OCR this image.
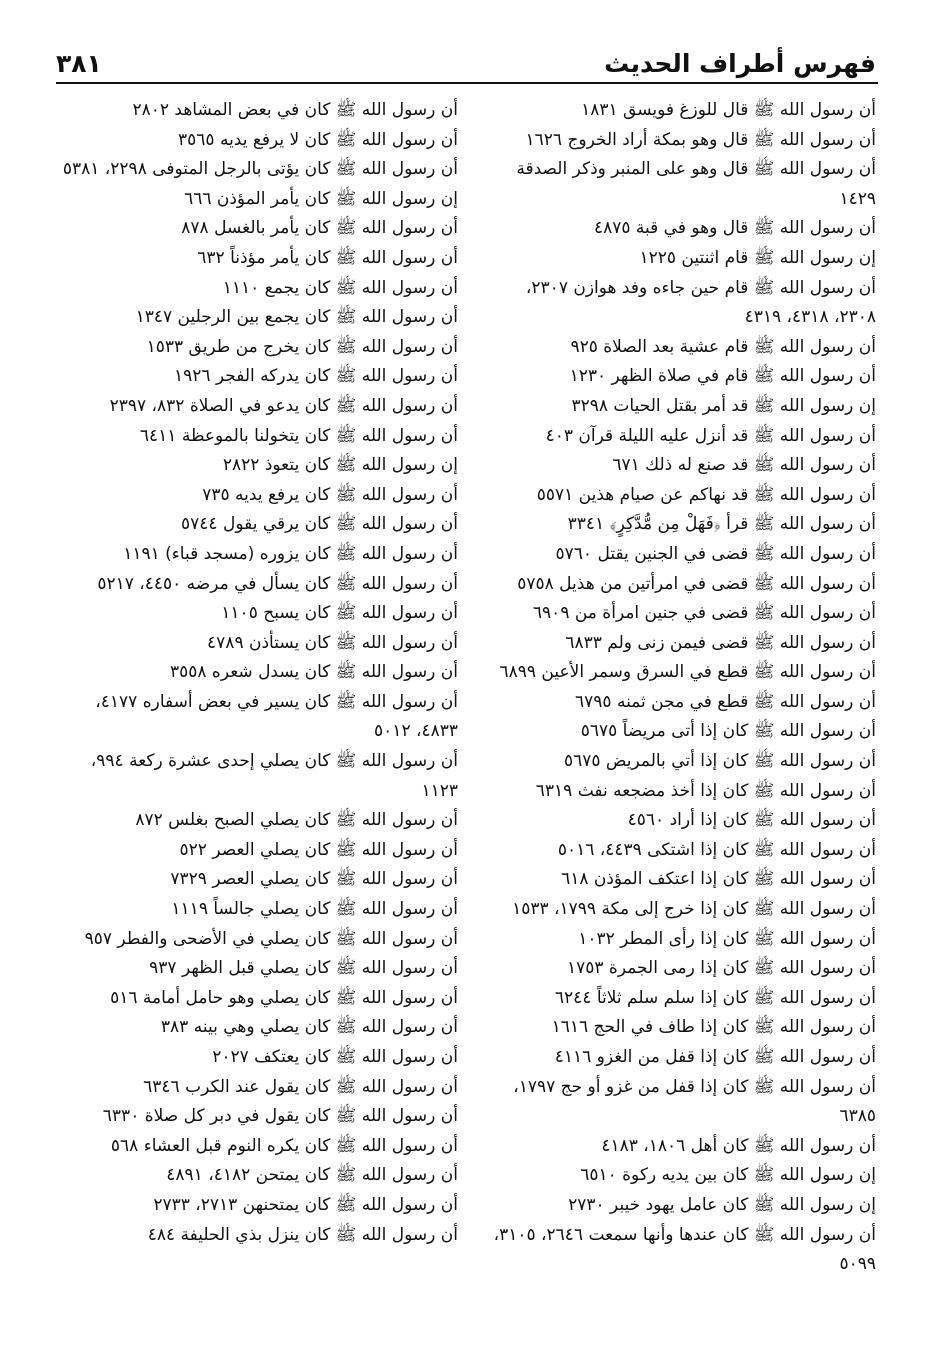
فهرس أطراف الحديث
٣٨١
أن رسول الله ﷺ قال للوزغ فويسق ١٨٣١
أن رسول الله ﷺ قال وهو بمكة أراد الخروج ١٦٢٦
أن رسول الله ﷺ قال وهو على المنبر وذكر الصدقة ١٤٢٩
أن رسول الله ﷺ قال وهو في قبة ٤٨٧٥
إن رسول الله ﷺ قام اثنتين ١٢٢٥
أن رسول الله ﷺ قام حين جاءه وفد هوازن ٢٣٠٧، ٢٣٠٨، ٤٣١٨، ٤٣١٩
أن رسول الله ﷺ قام عشية بعد الصلاة ٩٢٥
أن رسول الله ﷺ قام في صلاة الظهر ١٢٣٠
إن رسول الله ﷺ قد أمر بقتل الحيات ٣٢٩٨
أن رسول الله ﷺ قد أنزل عليه الليلة قرآن ٤٠٣
أن رسول الله ﷺ قد صنع له ذلك ٦٧١
أن رسول الله ﷺ قد نهاكم عن صيام هذين ٥٥٧١
أن رسول الله ﷺ قرأ ﴿فَهَلْ مِن مُّدَّكِرٍ﴾ ٣٣٤١
أن رسول الله ﷺ قضى في الجنين يقتل ٥٧٦٠
أن رسول الله ﷺ قضى في امرأتين من هذيل ٥٧٥٨
أن رسول الله ﷺ قضى في جنين امرأة من ٦٩٠٩
أن رسول الله ﷺ قضى فيمن زنى ولم ٦٨٣٣
أن رسول الله ﷺ قطع في السرق وسمر الأعين ٦٨٩٩
أن رسول الله ﷺ قطع في مجن ثمنه ٦٧٩٥
أن رسول الله ﷺ كان إذا أتى مريضاً ٥٦٧٥
أن رسول الله ﷺ كان إذا أتي بالمريض ٥٦٧٥
أن رسول الله ﷺ كان إذا أخذ مضجعه نفث ٦٣١٩
أن رسول الله ﷺ كان إذا أراد ٤٥٦٠
أن رسول الله ﷺ كان إذا اشتكى ٤٤٣٩، ٥٠١٦
أن رسول الله ﷺ كان إذا اعتكف المؤذن ٦١٨
أن رسول الله ﷺ كان إذا خرج إلى مكة ١٧٩٩، ١٥٣٣
أن رسول الله ﷺ كان إذا رأى المطر ١٠٣٢
أن رسول الله ﷺ كان إذا رمى الجمرة ١٧٥٣
أن رسول الله ﷺ كان إذا سلم سلم ثلاثاً ٦٢٤٤
أن رسول الله ﷺ كان إذا طاف في الحج ١٦١٦
أن رسول الله ﷺ كان إذا قفل من الغزو ٤١١٦
أن رسول الله ﷺ كان إذا قفل من غزو أو حج ١٧٩٧، ٦٣٨٥
أن رسول الله ﷺ كان أهل ١٨٠٦، ٤١٨٣
إن رسول الله ﷺ كان بين يديه ركوة ٦٥١٠
إن رسول الله ﷺ كان عامل يهود خيبر ٢٧٣٠
أن رسول الله ﷺ كان عندها وأنها سمعت ٢٦٤٦، ٣١٠٥، ٥٠٩٩
أن رسول الله ﷺ كان في بعض المشاهد ٢٨٠٢
أن رسول الله ﷺ كان لا يرفع يديه ٣٥٦٥
أن رسول الله ﷺ كان يؤتى بالرجل المتوفى ٢٢٩٨، ٥٣٨١
إن رسول الله ﷺ كان يأمر المؤذن ٦٦٦
أن رسول الله ﷺ كان يأمر بالغسل ٨٧٨
أن رسول الله ﷺ كان يأمر مؤذناً ٦٣٢
أن رسول الله ﷺ كان يجمع ١١١٠
أن رسول الله ﷺ كان يجمع بين الرجلين ١٣٤٧
أن رسول الله ﷺ كان يخرج من طريق ١٥٣٣
أن رسول الله ﷺ كان يدركه الفجر ١٩٢٦
أن رسول الله ﷺ كان يدعو في الصلاة ٨٣٢، ٢٣٩٧
أن رسول الله ﷺ كان يتخولنا بالموعظة ٦٤١١
إن رسول الله ﷺ كان يتعوذ ٢٨٢٢
أن رسول الله ﷺ كان يرفع يديه ٧٣٥
أن رسول الله ﷺ كان يرقي يقول ٥٧٤٤
أن رسول الله ﷺ كان يزوره (مسجد قباء) ١١٩١
أن رسول الله ﷺ كان يسأل في مرضه ٤٤٥٠، ٥٢١٧
أن رسول الله ﷺ كان يسبح ١١٠٥
أن رسول الله ﷺ كان يستأذن ٤٧٨٩
أن رسول الله ﷺ كان يسدل شعره ٣٥٥٨
أن رسول الله ﷺ كان يسير في بعض أسفاره ٤١٧٧، ٤٨٣٣، ٥٠١٢
أن رسول الله ﷺ كان يصلي إحدى عشرة ركعة ٩٩٤، ١١٢٣
أن رسول الله ﷺ كان يصلي الصبح بغلس ٨٧٢
أن رسول الله ﷺ كان يصلي العصر ٥٢٢
أن رسول الله ﷺ كان يصلي العصر ٧٣٢٩
أن رسول الله ﷺ كان يصلي جالساً ١١١٩
أن رسول الله ﷺ كان يصلي في الأضحى والفطر ٩٥٧
أن رسول الله ﷺ كان يصلي قبل الظهر ٩٣٧
أن رسول الله ﷺ كان يصلي وهو حامل أمامة ٥١٦
أن رسول الله ﷺ كان يصلي وهي بينه ٣٨٣
أن رسول الله ﷺ كان يعتكف ٢٠٢٧
أن رسول الله ﷺ كان يقول عند الكرب ٦٣٤٦
أن رسول الله ﷺ كان يقول في دبر كل صلاة ٦٣٣٠
أن رسول الله ﷺ كان يكره النوم قبل العشاء ٥٦٨
أن رسول الله ﷺ كان يمتحن ٤١٨٢، ٤٨٩١
أن رسول الله ﷺ كان يمتحنهن ٢٧١٣، ٢٧٣٣
أن رسول الله ﷺ كان ينزل بذي الحليفة ٤٨٤
